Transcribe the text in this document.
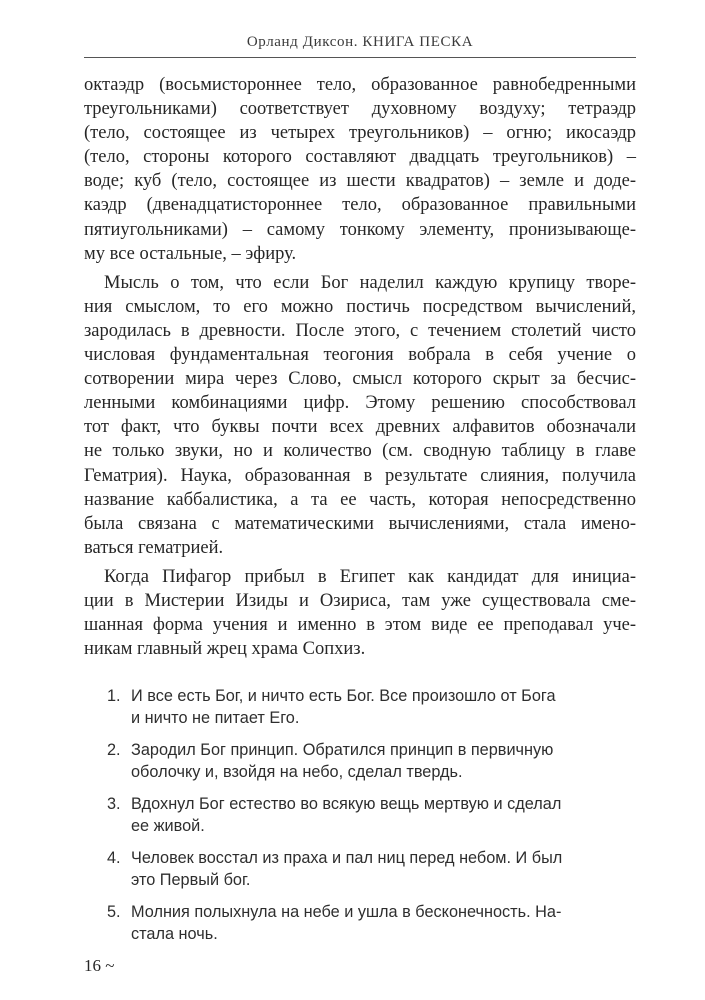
Орланд Диксон. КНИГА ПЕСКА
октаэдр (восьмистороннее тело, образованное равнобедренными
треугольниками) соответствует духовному воздуху; тетраэдр
(тело, состоящее из четырех треугольников) – огню; икосаэдр
(тело, стороны которого составляют двадцать треугольников) –
воде; куб (тело, состоящее из шести квадратов) – земле и доде-
каэдр (двенадцатистороннее тело, образованное правильными
пятиугольниками) – самому тонкому элементу, пронизывающе-
му все остальные, – эфиру.
Мысль о том, что если Бог наделил каждую крупицу творе-
ния смыслом, то его можно постичь посредством вычислений,
зародилась в древности. После этого, с течением столетий чисто
числовая фундаментальная теогония вобрала в себя учение о
сотворении мира через Слово, смысл которого скрыт за бесчис-
ленными комбинациями цифр. Этому решению способствовал
тот факт, что буквы почти всех древних алфавитов обозначали
не только звуки, но и количество (см. сводную таблицу в главе
Гематрия). Наука, образованная в результате слияния, получила
название каббалистика, а та ее часть, которая непосредственно
была связана с математическими вычислениями, стала имено-
ваться гематрией.
Когда Пифагор прибыл в Египет как кандидат для инициа-
ции в Мистерии Изиды и Озириса, там уже существовала сме-
шанная форма учения и именно в этом виде ее преподавал уче-
никам главный жрец храма Сопхиз.
1. И все есть Бог, и ничто есть Бог. Все произошло от Бога
и ничто не питает Его.
2. Зародил Бог принцип. Обратился принцип в первичную
оболочку и, взойдя на небо, сделал твердь.
3. Вдохнул Бог естество во всякую вещь мертвую и сделал
ее живой.
4. Человек восстал из праха и пал ниц перед небом. И был
это Первый бог.
5. Молния полыхнула на небе и ушла в бесконечность. На-
стала ночь.
16 ~
